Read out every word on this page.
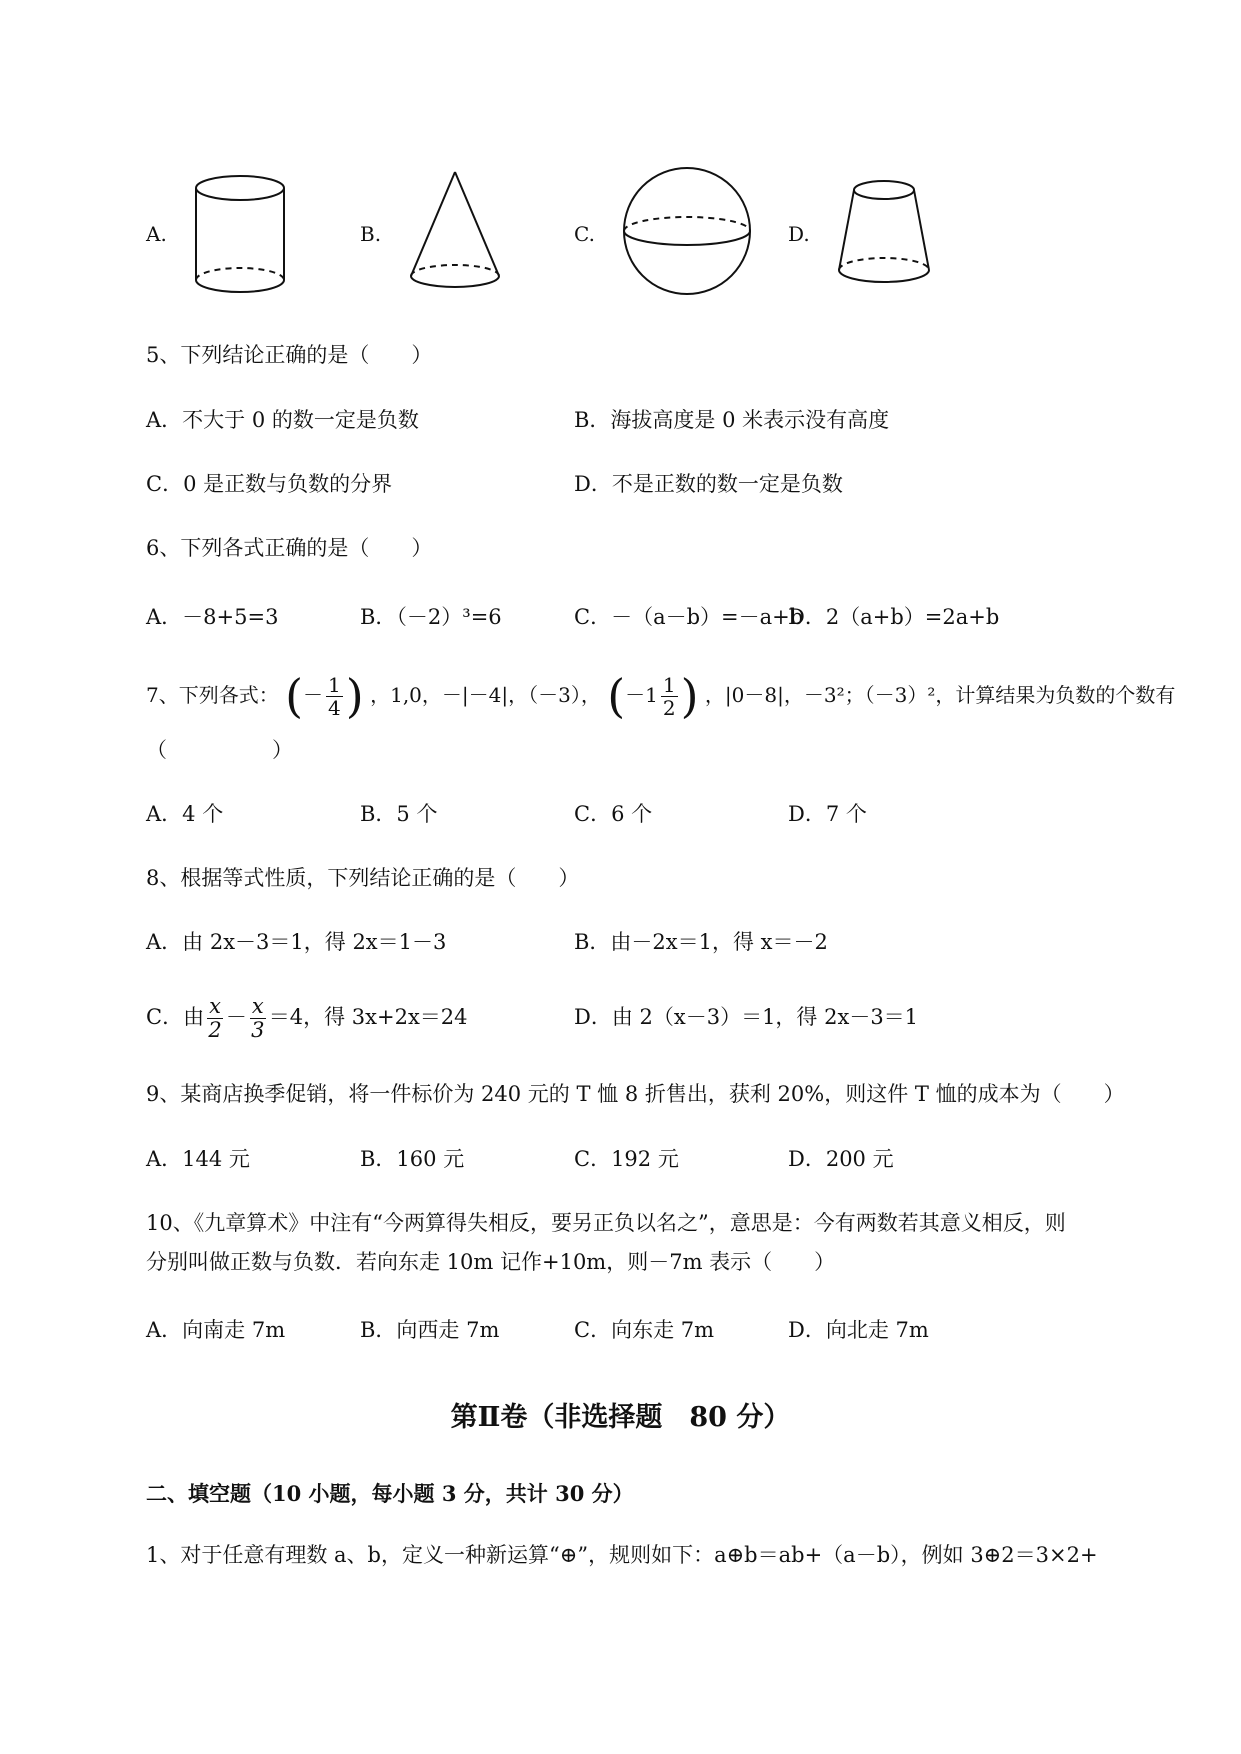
A.	B.	C.	D.
5、下列结论正确的是（　　）
A．不大于 0 的数一定是负数	B．海拔高度是 0 米表示没有高度
C．0 是正数与负数的分界	D．不是正数的数一定是负数
6、下列各式正确的是（　　）
A．－8+5=3	B．（－2）³=6	C．－（a－b）=－a+b
D．2（a+b）=2a+b
7、下列各式： (－ $\frac{1}{4}$ ) ，1,0，－|－4|，（－3）， ($-1 \frac{1}{2}$ ) ，|0－8|，－3²；（－3）²，计算结果为负数的个数有
（　　　　　）
A．4 个	B．5 个	C．6 个	D．7 个
8、根据等式性质，下列结论正确的是（　　）
A．由 2x－3＝1，得 2x＝1－3	B．由－2x＝1，得 x＝－2
C．由 $\frac{x}{2} - \frac{x}{3} =4$，得 3x+2x＝24	D．由 2（x－3）＝1，得 2x－3＝1
9、某商店换季促销，将一件标价为 240 元的 T 恤 8 折售出，获利 20%，则这件 T 恤的成本为（　　）
A．144 元	B．160 元	C．192 元	D．200 元
10、《九章算术》中注有“今两算得失相反，要另正负以名之”，意思是：今有两数若其意义相反，则
分别叫做正数与负数．若向东走 10m 记作+10m，则－7m 表示（　　）
A．向南走 7m	B．向西走 7m	C．向东走 7m	D．向北走 7m
第Ⅱ卷（非选择题　80 分）
二、填空题（10 小题，每小题 3 分，共计 30 分）
1、对于任意有理数 a、b，定义一种新运算“⊕”，规则如下：a⊕b＝ab+（a－b），例如 3⊕2＝3×2+
